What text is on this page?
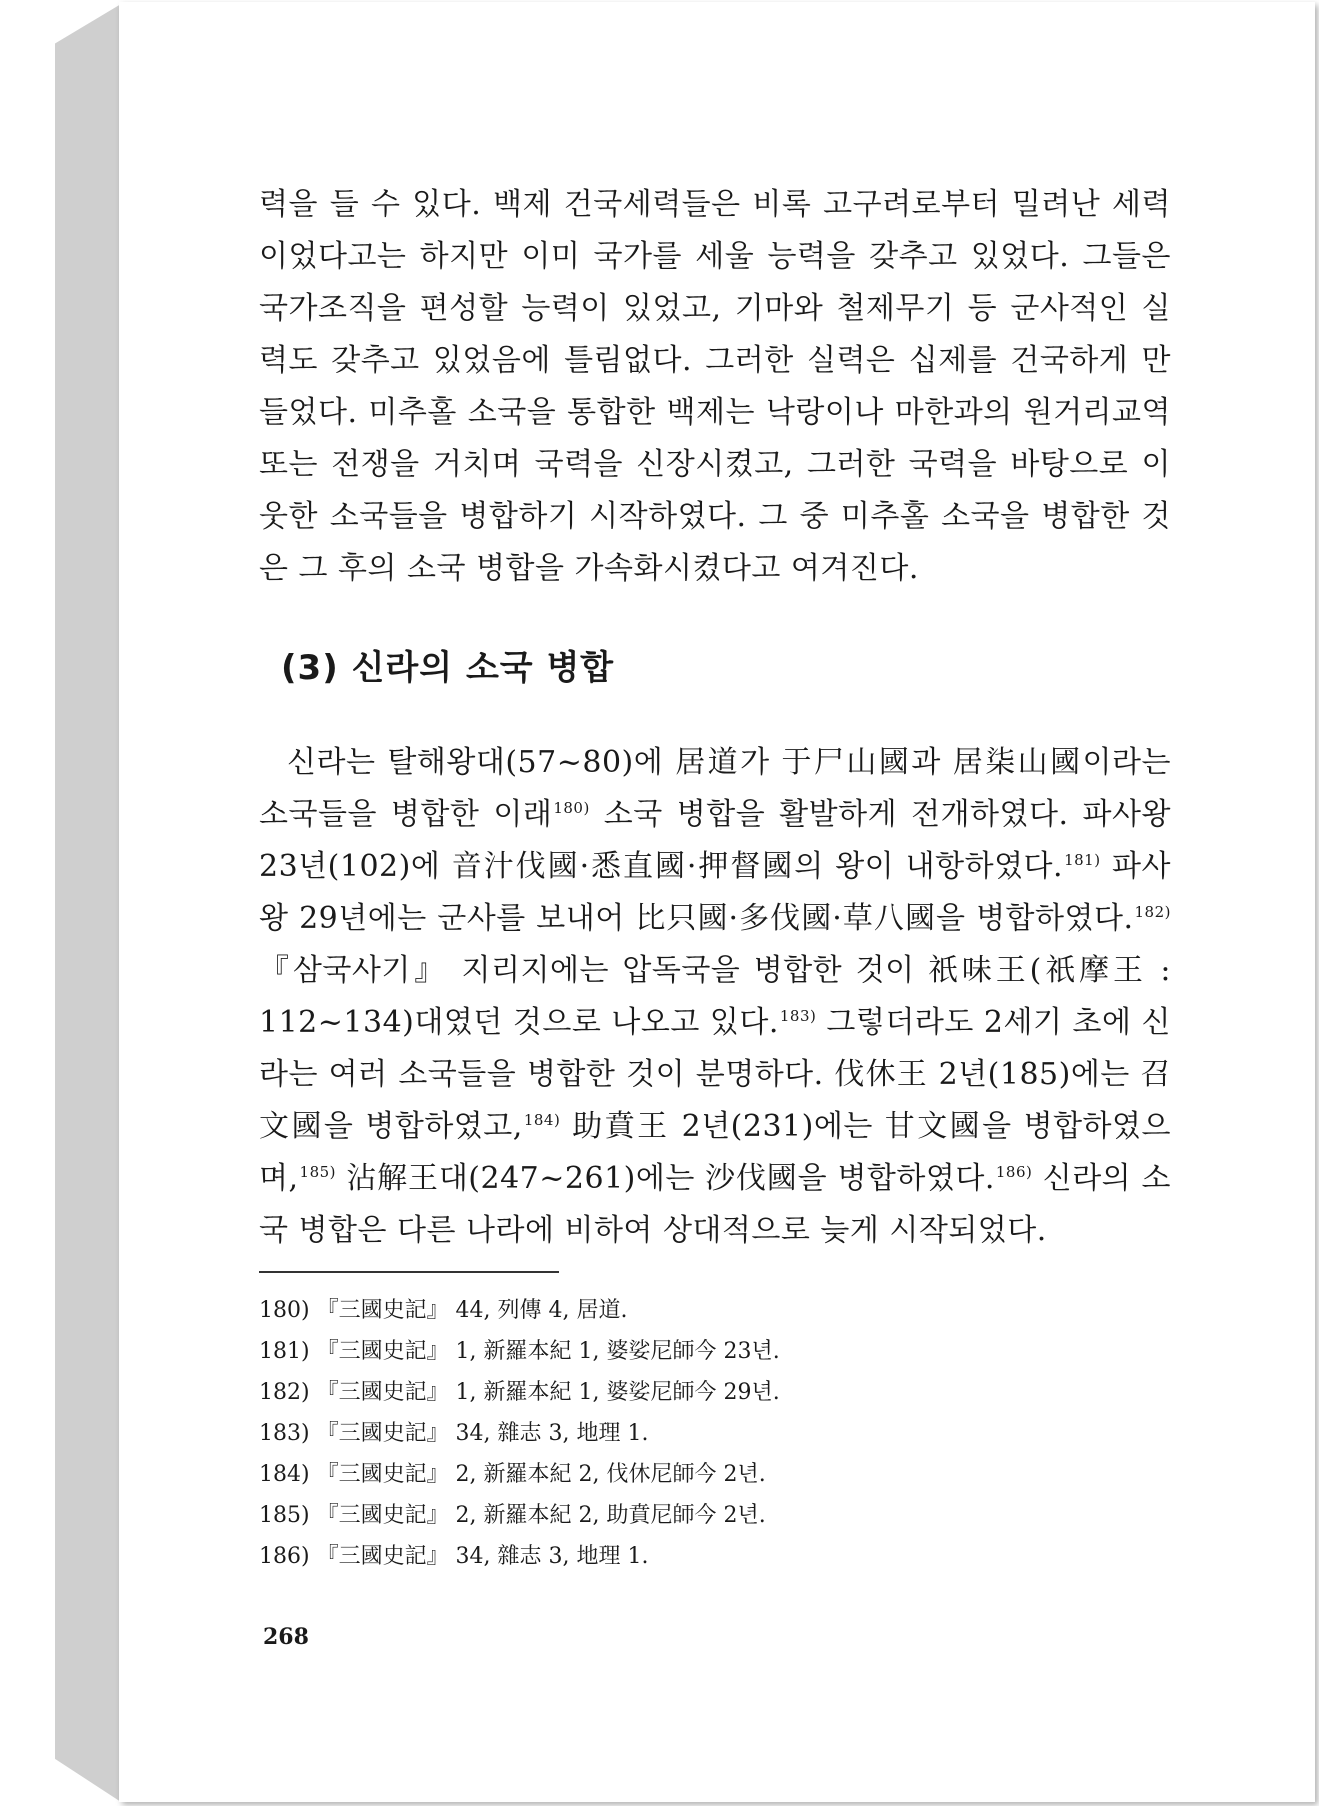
력을 들 수 있다. 백제 건국세력들은 비록 고구려로부터 밀려난 세력이었다고는 하지만 이미 국가를 세울 능력을 갖추고 있었다. 그들은 국가조직을 편성할 능력이 있었고, 기마와 철제무기 등 군사적인 실력도 갖추고 있었음에 틀림없다. 그러한 실력은 십제를 건국하게 만들었다. 미추홀 소국을 통합한 백제는 낙랑이나 마한과의 원거리교역 또는 전쟁을 거치며 국력을 신장시켰고, 그러한 국력을 바탕으로 이웃한 소국들을 병합하기 시작하였다. 그 중 미추홀 소국을 병합한 것은 그 후의 소국 병합을 가속화시켰다고 여겨진다.

(3) 신라의 소국 병합

신라는 탈해왕대(57~80)에 居道가 于尸山國과 居柒山國이라는 소국들을 병합한 이래$^{180)}$ 소국 병합을 활발하게 전개하였다. 파사왕 23년(102)에 音汁伐國·悉直國·押督國의 왕이 내항하였다.$^{181)}$ 파사왕 29년에는 군사를 보내어 比只國·多伐國·草八國을 병합하였다.$^{182)}$ 『삼국사기』 지리지에는 압독국을 병합한 것이 祇味王(祇摩王 : 112~134)대였던 것으로 나오고 있다.$^{183)}$ 그렇더라도 2세기 초에 신라는 여러 소국들을 병합한 것이 분명하다. 伐休王 2년(185)에는 召文國을 병합하였고,$^{184)}$ 助賁王 2년(231)에는 甘文國을 병합하였으며,$^{185)}$ 沾解王대(247~261)에는 沙伐國을 병합하였다.$^{186)}$ 신라의 소국 병합은 다른 나라에 비하여 상대적으로 늦게 시작되었다.

180) 『三國史記』 44, 列傳 4, 居道.
181) 『三國史記』 1, 新羅本紀 1, 婆娑尼師今 23년.
182) 『三國史記』 1, 新羅本紀 1, 婆娑尼師今 29년.
183) 『三國史記』 34, 雜志 3, 地理 1.
184) 『三國史記』 2, 新羅本紀 2, 伐休尼師今 2년.
185) 『三國史記』 2, 新羅本紀 2, 助賁尼師今 2년.
186) 『三國史記』 34, 雜志 3, 地理 1.
268
